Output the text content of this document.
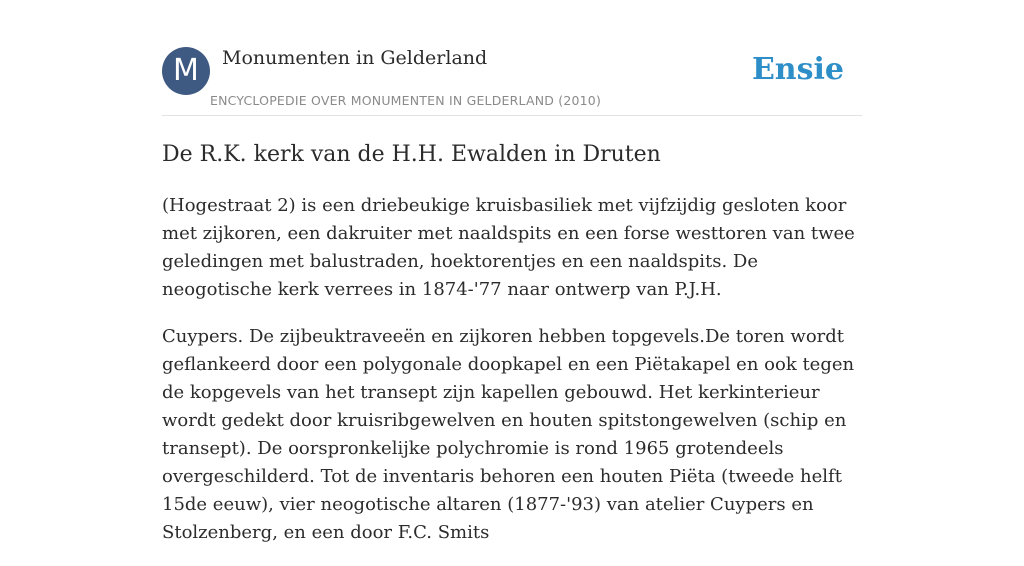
M	Monumenten in Gelderland
ENCYCLOPEDIE OVER MONUMENTEN IN GELDERLAND (2010)
Ensie
De R.K. kerk van de H.H. Ewalden in Druten

(Hogestraat 2) is een driebeukige kruisbasiliek met vijfzijdig gesloten koor met zijkoren, een dakruiter met naaldspits en een forse westtoren van twee geledingen met balustraden, hoektorentjes en een naaldspits. De neogotische kerk verrees in 1874-'77 naar ontwerp van P.J.H.

Cuypers. De zijbeuktraveeën en zijkoren hebben topgevels.De toren wordt geflankeerd door een polygonale doopkapel en een Piëtakapel en ook tegen de kopgevels van het transept zijn kapellen gebouwd. Het kerkinterieur wordt gedekt door kruisribgewelven en houten spitstongewelven (schip en transept). De oorspronkelijke polychromie is rond 1965 grotendeels overgeschilderd. Tot de inventaris behoren een houten Piëta (tweede helft 15de eeuw), vier neogotische altaren (1877-'93) van atelier Cuypers en Stolzenberg, en een door F.C. Smits
